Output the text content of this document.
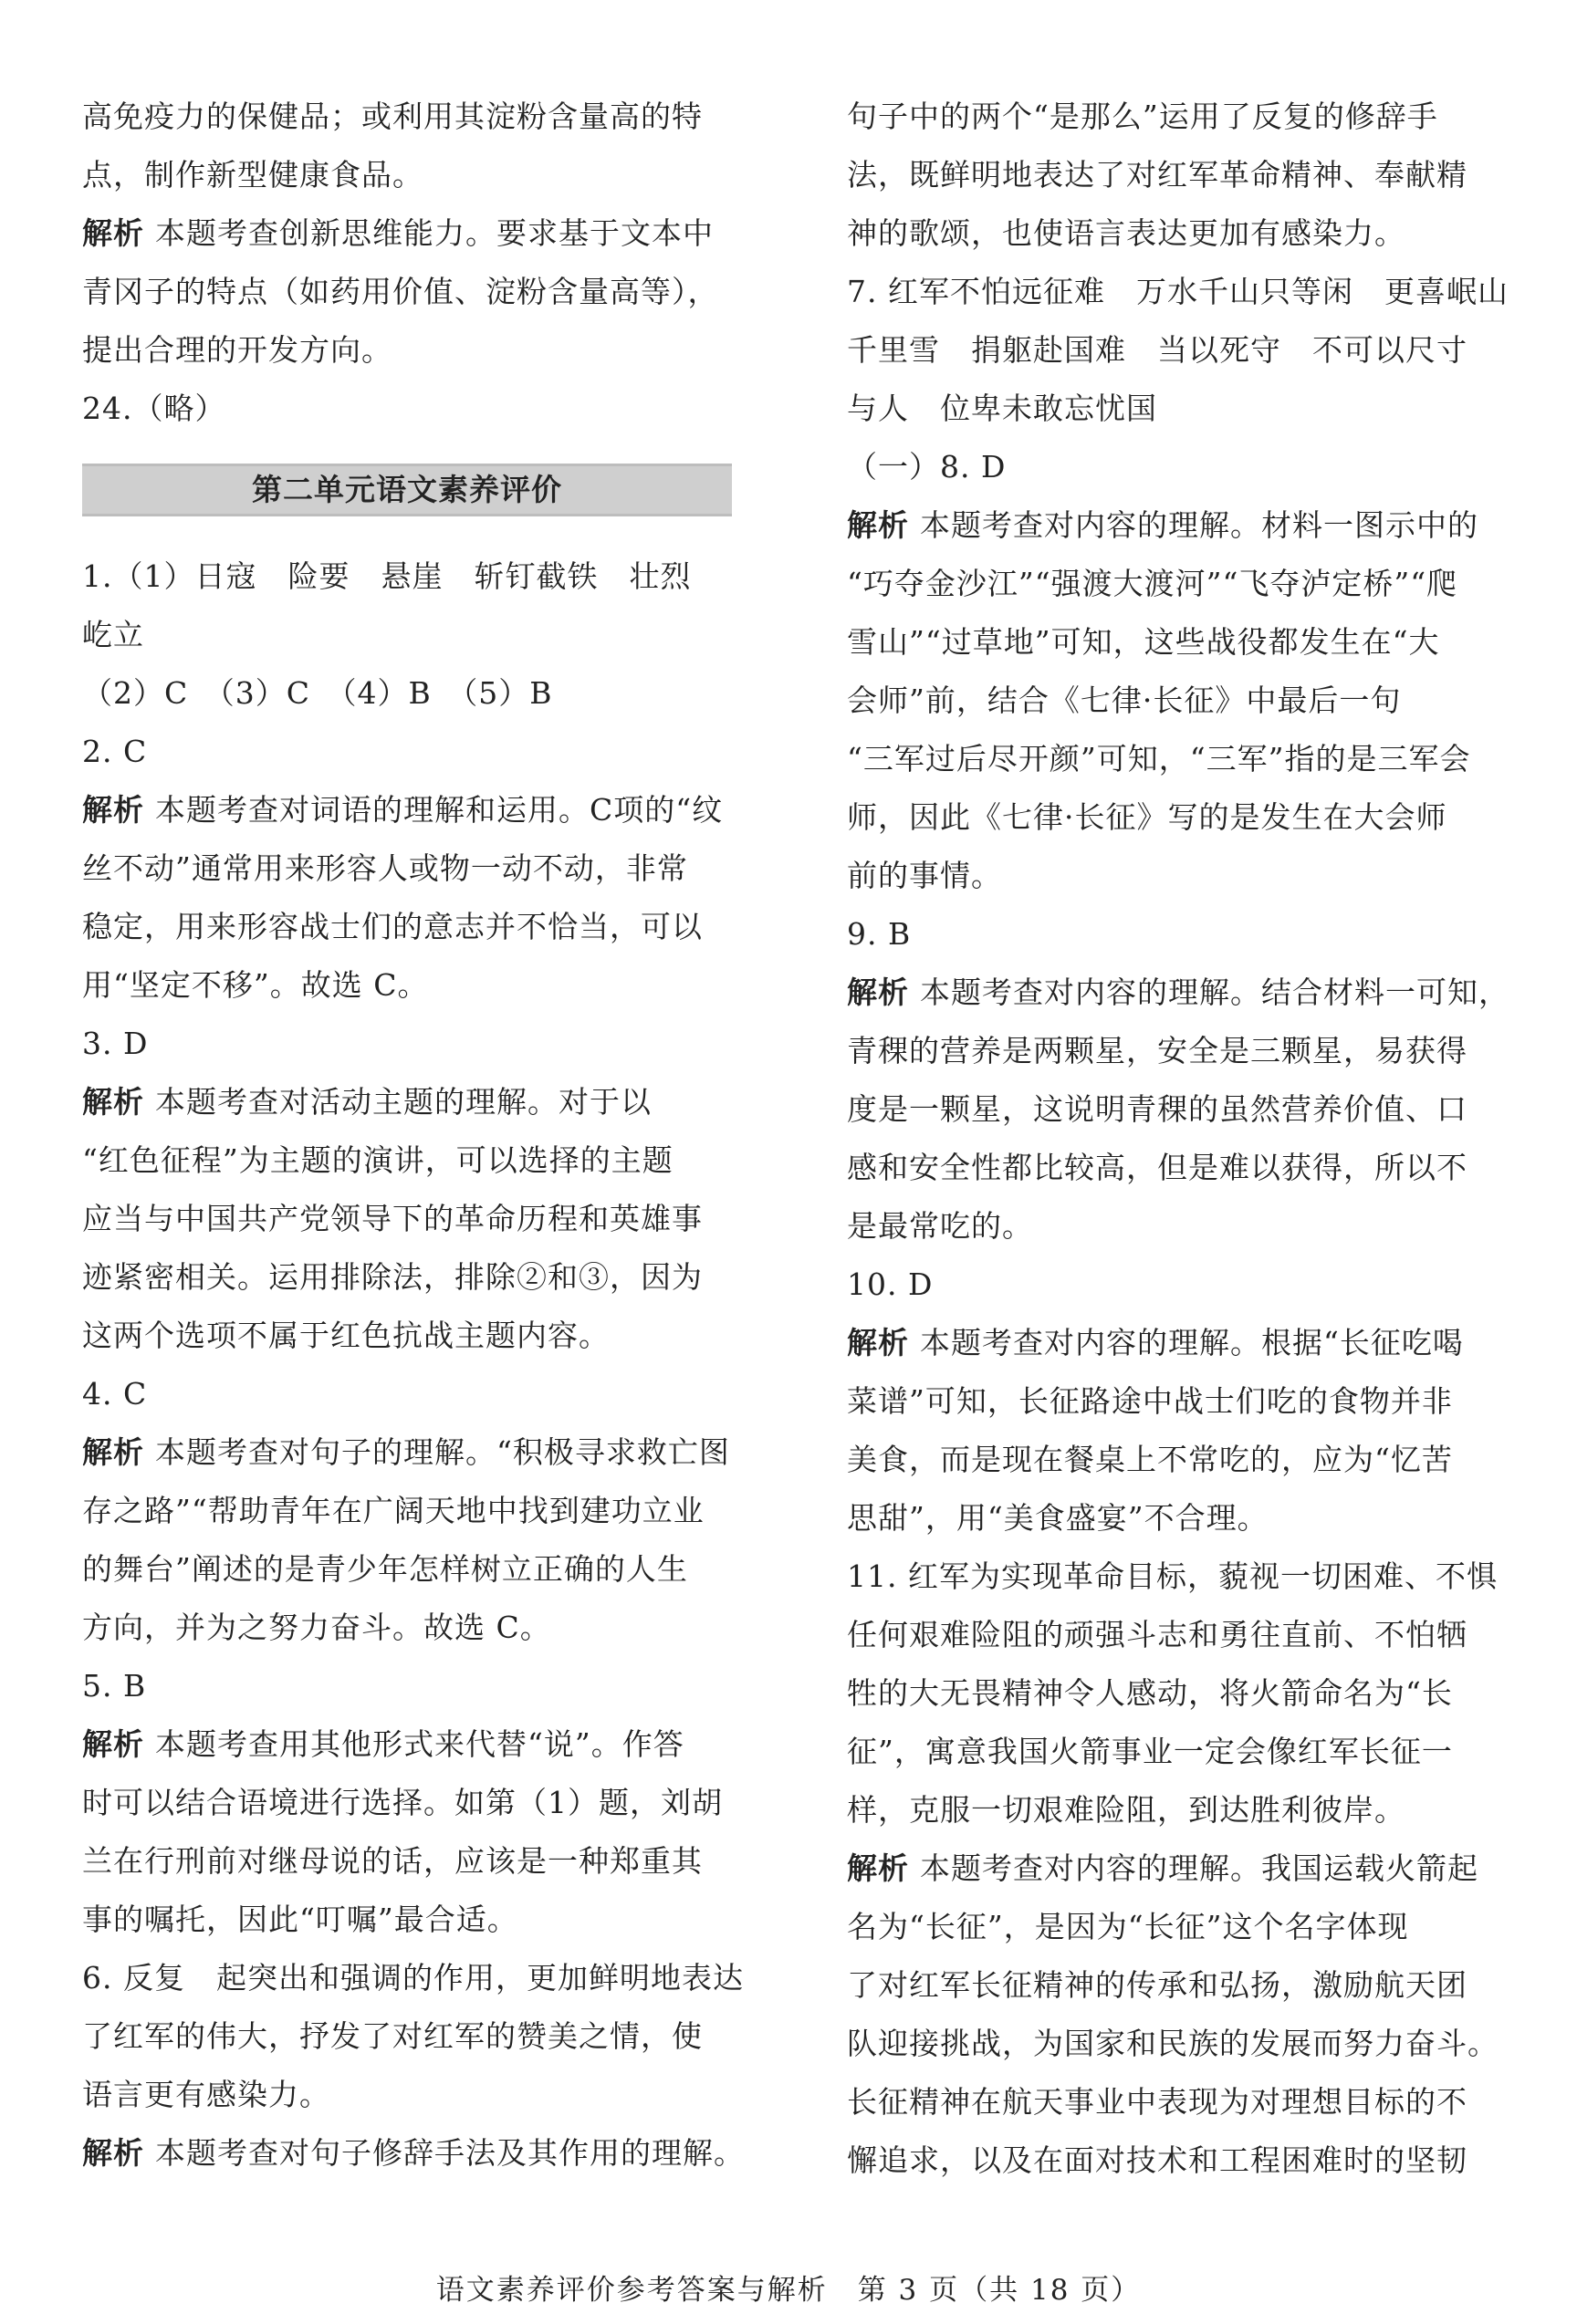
高免疫力的保健品；或利用其淀粉含量高的特
点，制作新型健康食品。
解析 本题考查创新思维能力。要求基于文本中
青冈子的特点（如药用价值、淀粉含量高等），
提出合理的开发方向。
24.（略）
第二单元语文素养评价
1.（1）日寇　险要　悬崖　斩钉截铁　壮烈
屹立
（2）C　（3）C　（4）B　（5）B
2. C
解析 本题考查对词语的理解和运用。C项的“纹
丝不动”通常用来形容人或物一动不动，非常
稳定，用来形容战士们的意志并不恰当，可以
用“坚定不移”。故选 C。
3. D
解析 本题考查对活动主题的理解。对于以
“红色征程”为主题的演讲，可以选择的主题
应当与中国共产党领导下的革命历程和英雄事
迹紧密相关。运用排除法，排除②和③，因为
这两个选项不属于红色抗战主题内容。
4. C
解析 本题考查对句子的理解。“积极寻求救亡图
存之路”“帮助青年在广阔天地中找到建功立业
的舞台”阐述的是青少年怎样树立正确的人生
方向，并为之努力奋斗。故选 C。
5. B
解析 本题考查用其他形式来代替“说”。作答
时可以结合语境进行选择。如第（1）题，刘胡
兰在行刑前对继母说的话，应该是一种郑重其
事的嘱托，因此“叮嘱”最合适。
6. 反复　起突出和强调的作用，更加鲜明地表达
了红军的伟大，抒发了对红军的赞美之情，使
语言更有感染力。
解析 本题考查对句子修辞手法及其作用的理解。
句子中的两个“是那么”运用了反复的修辞手
法，既鲜明地表达了对红军革命精神、奉献精
神的歌颂，也使语言表达更加有感染力。
7. 红军不怕远征难　万水千山只等闲　更喜岷山
千里雪　捐躯赴国难　当以死守　不可以尺寸
与人　位卑未敢忘忧国
（一）8. D
解析 本题考查对内容的理解。材料一图示中的
“巧夺金沙江”“强渡大渡河”“飞夺泸定桥”“爬
雪山”“过草地”可知，这些战役都发生在“大
会师”前，结合《七律·长征》中最后一句
“三军过后尽开颜”可知，“三军”指的是三军会
师，因此《七律·长征》写的是发生在大会师
前的事情。
9. B
解析 本题考查对内容的理解。结合材料一可知，
青稞的营养是两颗星，安全是三颗星，易获得
度是一颗星，这说明青稞的虽然营养价值、口
感和安全性都比较高，但是难以获得，所以不
是最常吃的。
10. D
解析 本题考查对内容的理解。根据“长征吃喝
菜谱”可知，长征路途中战士们吃的食物并非
美食，而是现在餐桌上不常吃的，应为“忆苦
思甜”，用“美食盛宴”不合理。
11. 红军为实现革命目标，藐视一切困难、不惧
任何艰难险阻的顽强斗志和勇往直前、不怕牺
牲的大无畏精神令人感动，将火箭命名为“长
征”，寓意我国火箭事业一定会像红军长征一
样，克服一切艰难险阻，到达胜利彼岸。
解析 本题考查对内容的理解。我国运载火箭起
名为“长征”，是因为“长征”这个名字体现
了对红军长征精神的传承和弘扬，激励航天团
队迎接挑战，为国家和民族的发展而努力奋斗。
长征精神在航天事业中表现为对理想目标的不
懈追求，以及在面对技术和工程困难时的坚韧
语文素养评价参考答案与解析　第 3 页（共 18 页）
